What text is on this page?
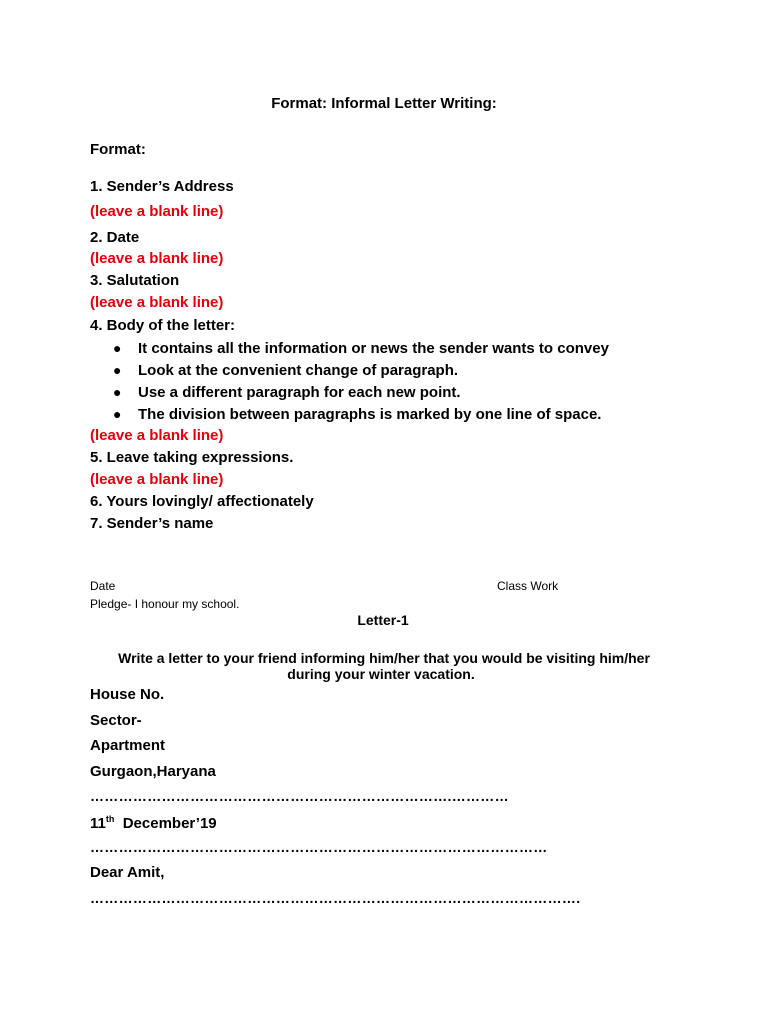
Format: Informal Letter Writing:
Format:
1. Sender’s Address
(leave a blank line)
2. Date
(leave a blank line)
3. Salutation
(leave a blank line)
4. Body of the letter:
● It contains all the information or news the sender wants to convey
● Look at the convenient change of paragraph.
● Use a different paragraph for each new point.
● The division between paragraphs is marked by one line of space.
(leave a blank line)
5. Leave taking expressions.
(leave a blank line)
6. Yours lovingly/ affectionately
7. Sender’s name
Date	Class Work
Pledge- I honour my school.
Letter-1
Write a letter to your friend informing him/her that you would be visiting him/her
during your winter vacation.
House No.
Sector-
Apartment
Gurgaon,Haryana
………………………………………………………………….…………
11th December’19
……………………………………………………………………………………
Dear Amit,
………………………………………………………………………………………….
